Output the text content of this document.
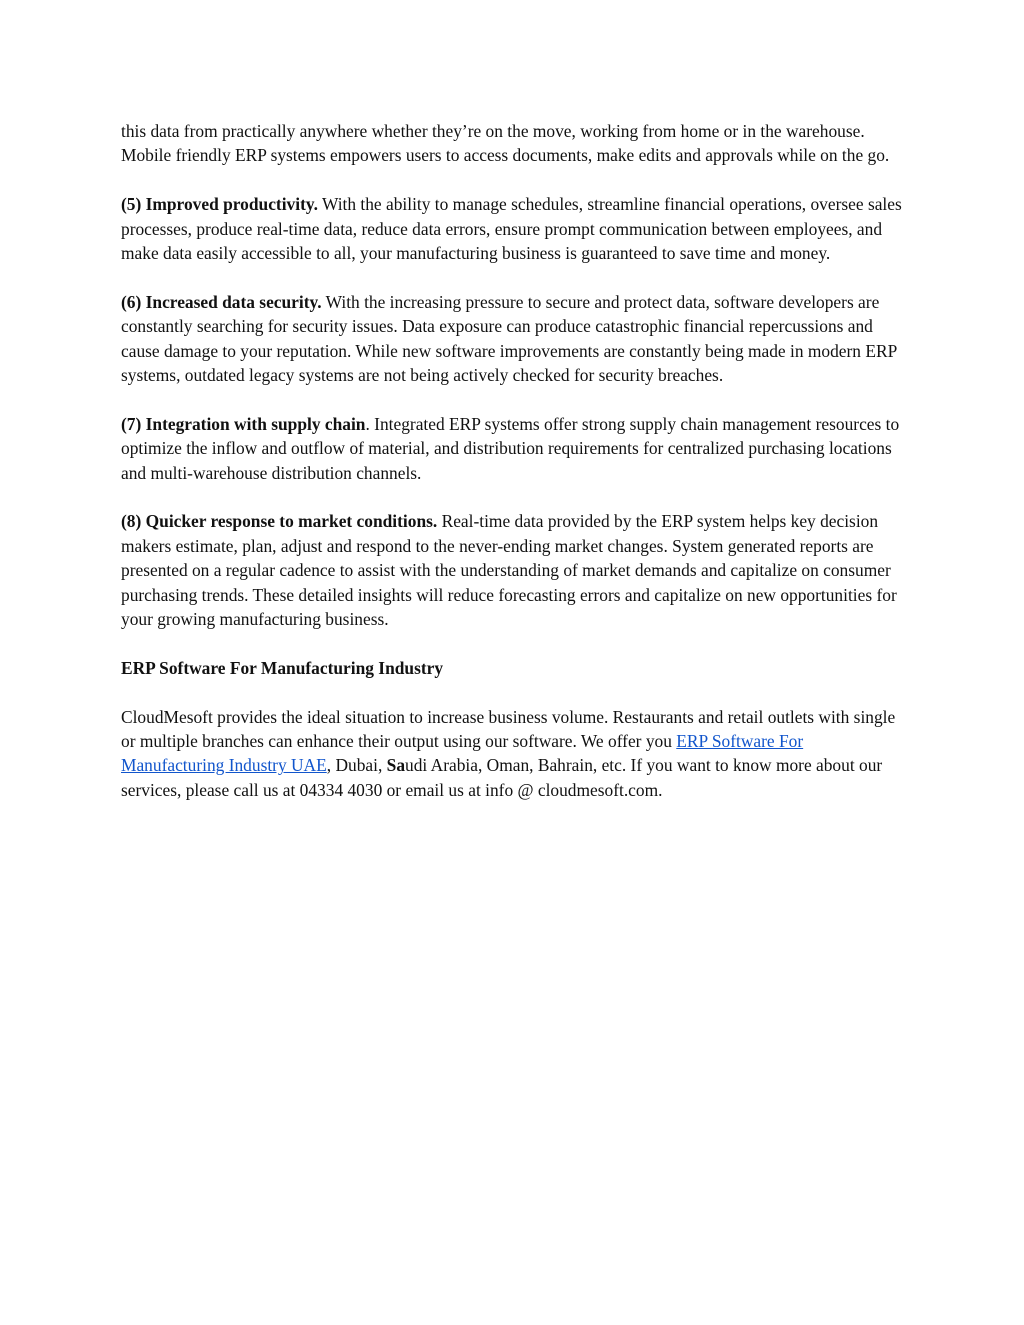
this data from practically anywhere whether they’re on the move, working from home or in the warehouse. Mobile friendly ERP systems empowers users to access documents, make edits and approvals while on the go.

(5) Improved productivity. With the ability to manage schedules, streamline financial operations, oversee sales processes, produce real-time data, reduce data errors, ensure prompt communication between employees, and make data easily accessible to all, your manufacturing business is guaranteed to save time and money.

(6) Increased data security. With the increasing pressure to secure and protect data, software developers are constantly searching for security issues. Data exposure can produce catastrophic financial repercussions and cause damage to your reputation. While new software improvements are constantly being made in modern ERP systems, outdated legacy systems are not being actively checked for security breaches.

(7) Integration with supply chain. Integrated ERP systems offer strong supply chain management resources to optimize the inflow and outflow of material, and distribution requirements for centralized purchasing locations and multi-warehouse distribution channels.

(8) Quicker response to market conditions. Real-time data provided by the ERP system helps key decision makers estimate, plan, adjust and respond to the never-ending market changes. System generated reports are presented on a regular cadence to assist with the understanding of market demands and capitalize on consumer purchasing trends. These detailed insights will reduce forecasting errors and capitalize on new opportunities for your growing manufacturing business.

ERP Software For Manufacturing Industry

CloudMesoft provides the ideal situation to increase business volume. Restaurants and retail outlets with single or multiple branches can enhance their output using our software. We offer you ERP Software For Manufacturing Industry UAE, Dubai, Saudi Arabia, Oman, Bahrain, etc. If you want to know more about our services, please call us at 04334 4030 or email us at info @ cloudmesoft.com.
